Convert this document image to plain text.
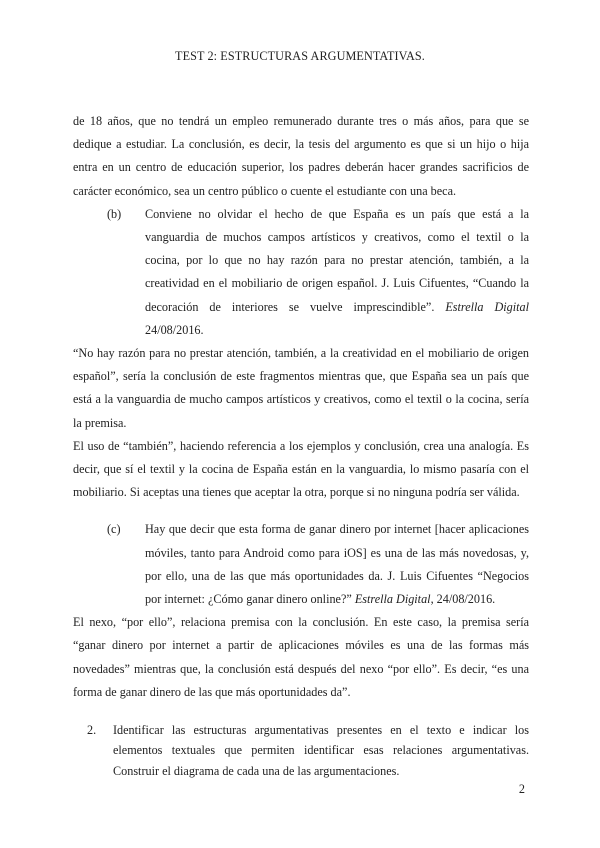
TEST 2: ESTRUCTURAS ARGUMENTATIVAS.

de 18 años, que no tendrá un empleo remunerado durante tres o más años, para que se dedique a estudiar. La conclusión, es decir, la tesis del argumento es que si un hijo o hija entra en un centro de educación superior, los padres deberán hacer grandes sacrificios de carácter económico, sea un centro público o cuente el estudiante con una beca.

(b) Conviene no olvidar el hecho de que España es un país que está a la vanguardia de muchos campos artísticos y creativos, como el textil o la cocina, por lo que no hay razón para no prestar atención, también, a la creatividad en el mobiliario de origen español. J. Luis Cifuentes, “Cuando la decoración de interiores se vuelve imprescindible”. Estrella Digital 24/08/2016.

“No hay razón para no prestar atención, también, a la creatividad en el mobiliario de origen español”, sería la conclusión de este fragmentos mientras que, que España sea un país que está a la vanguardia de mucho campos artísticos y creativos, como el textil o la cocina, sería la premisa.

El uso de “también”, haciendo referencia a los ejemplos y conclusión, crea una analogía. Es decir, que sí el textil y la cocina de España están en la vanguardia, lo mismo pasaría con el mobiliario. Si aceptas una tienes que aceptar la otra, porque si no ninguna podría ser válida.

(c) Hay que decir que esta forma de ganar dinero por internet [hacer aplicaciones móviles, tanto para Android como para iOS] es una de las más novedosas, y, por ello, una de las que más oportunidades da. J. Luis Cifuentes “Negocios por internet: ¿Cómo ganar dinero online?” Estrella Digital, 24/08/2016.

El nexo, “por ello”, relaciona premisa con la conclusión. En este caso, la premisa sería “ganar dinero por internet a partir de aplicaciones móviles es una de las formas más novedades” mientras que, la conclusión está después del nexo “por ello”. Es decir, “es una forma de ganar dinero de las que más oportunidades da”.

2. Identificar las estructuras argumentativas presentes en el texto e indicar los elementos textuales que permiten identificar esas relaciones argumentativas. Construir el diagrama de cada una de las argumentaciones.
2
